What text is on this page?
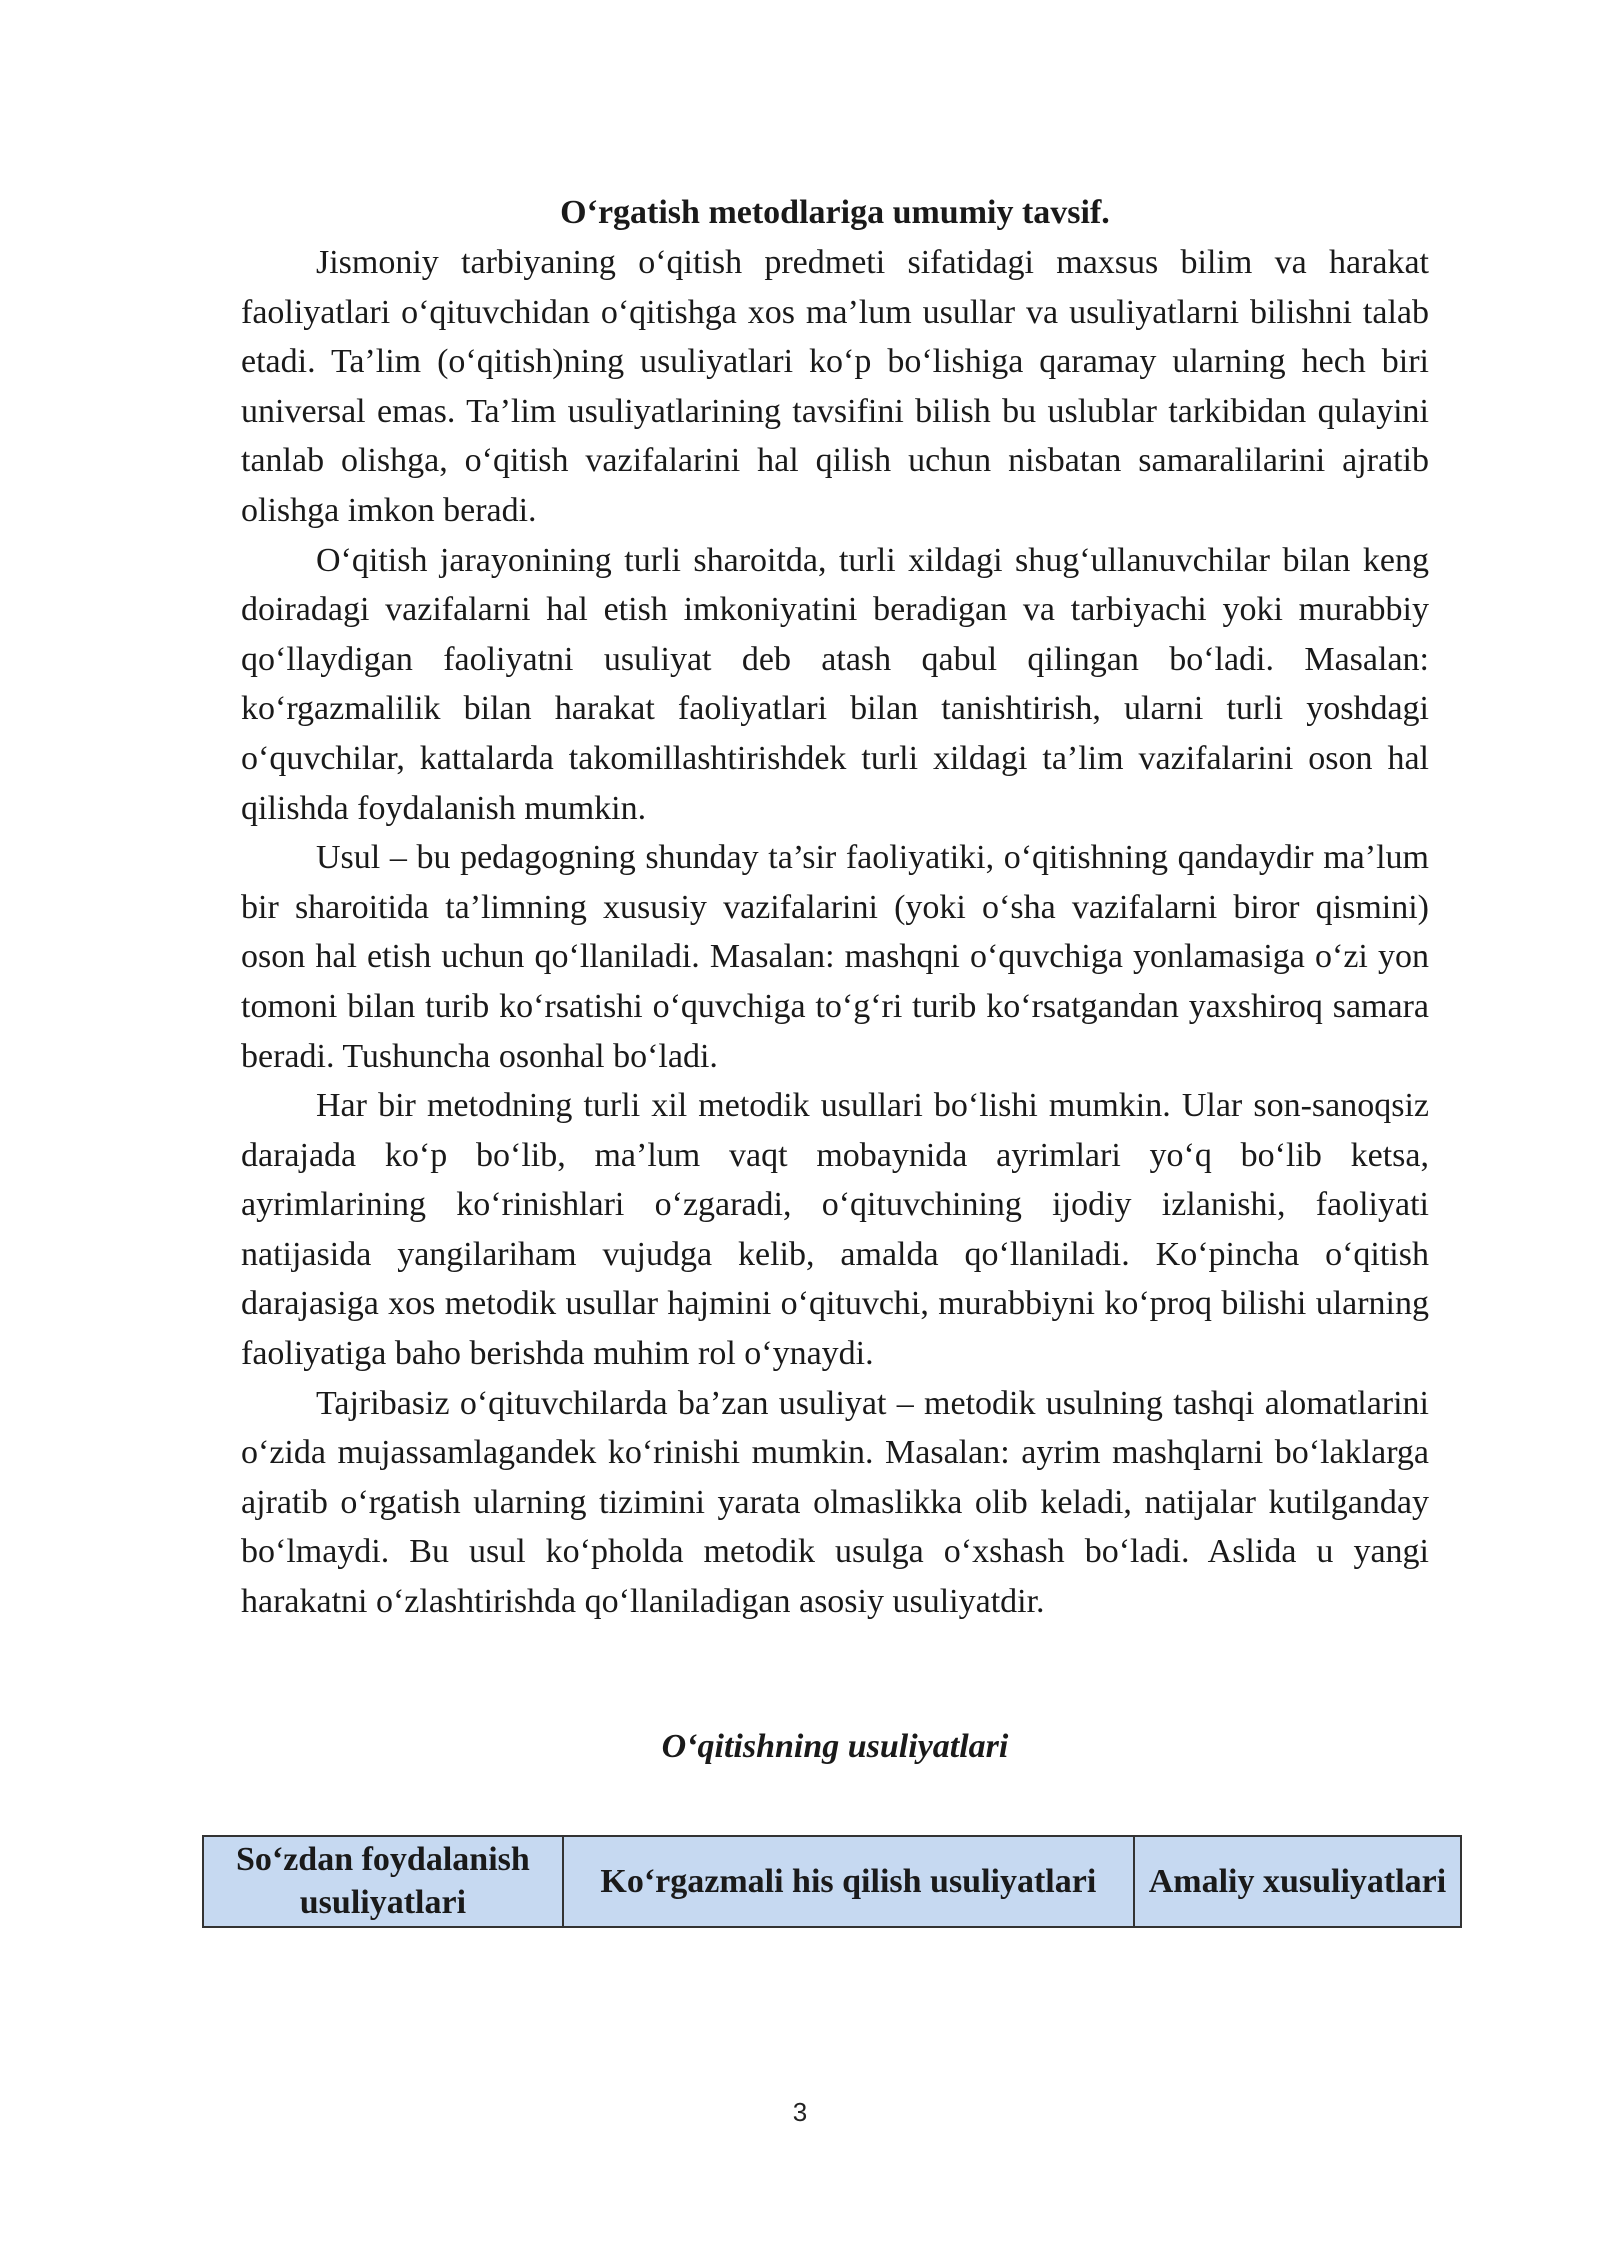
O‘rgatish metodlariga umumiy tavsif.

Jismoniy tarbiyaning o‘qitish predmeti sifatidagi maxsus bilim va harakat faoliyatlari o‘qituvchidan o‘qitishga xos ma’lum usullar va usuliyatlarni bilishni talab etadi. Ta’lim (o‘qitish)ning usuliyatlari ko‘p bo‘lishiga qaramay ularning hech biri universal emas. Ta’lim usuliyatlarining tavsifini bilish bu uslublar tarkibidan qulayini tanlab olishga, o‘qitish vazifalarini hal qilish uchun nisbatan samaralilarini ajratib olishga imkon beradi.

O‘qitish jarayonining turli sharoitda, turli xildagi shug‘ullanuvchilar bilan keng doiradagi vazifalarni hal etish imkoniyatini beradigan va tarbiyachi yoki murabbiy qo‘llaydigan faoliyatni usuliyat deb atash qabul qilingan bo‘ladi. Masalan: ko‘rgazmalilik bilan harakat faoliyatlari bilan tanishtirish, ularni turli yoshdagi o‘quvchilar, kattalarda takomillashtirishdek turli xildagi ta’lim vazifalarini oson hal qilishda foydalanish mumkin.

Usul – bu pedagogning shunday ta’sir faoliyatiki, o‘qitishning qandaydir ma’lum bir sharoitida ta’limning xususiy vazifalarini (yoki o‘sha vazifalarni biror qismini) oson hal etish uchun qo‘llaniladi. Masalan: mashqni o‘quvchiga yonlamasiga o‘zi yon tomoni bilan turib ko‘rsatishi o‘quvchiga to‘g‘ri turib ko‘rsatgandan yaxshiroq samara beradi. Tushuncha osonhal bo‘ladi.

Har bir metodning turli xil metodik usullari bo‘lishi mumkin. Ular son-sanoqsiz darajada ko‘p bo‘lib, ma’lum vaqt mobaynida ayrimlari yo‘q bo‘lib ketsa, ayrimlarining ko‘rinishlari o‘zgaradi, o‘qituvchining ijodiy izlanishi, faoliyati natijasida yangilariham vujudga kelib, amalda qo‘llaniladi. Ko‘pincha o‘qitish darajasiga xos metodik usullar hajmini o‘qituvchi, murabbiyni ko‘proq bilishi ularning faoliyatiga baho berishda muhim rol o‘ynaydi.

Tajribasiz o‘qituvchilarda ba’zan usuliyat – metodik usulning tashqi alomatlarini o‘zida mujassamlagandek ko‘rinishi mumkin. Masalan: ayrim mashqlarni bo‘laklarga ajratib o‘rgatish ularning tizimini yarata olmaslikka olib keladi, natijalar kutilganday bo‘lmaydi. Bu usul ko‘pholda metodik usulga o‘xshash bo‘ladi. Aslida u yangi harakatni o‘zlashtirishda qo‘llaniladigan asosiy usuliyatdir.

O‘qitishning usuliyatlari
So‘zdan foydalanish usuliyatlari	Ko‘rgazmali his qilish usuliyatlari	Amaliy xusuliyatlari
3
